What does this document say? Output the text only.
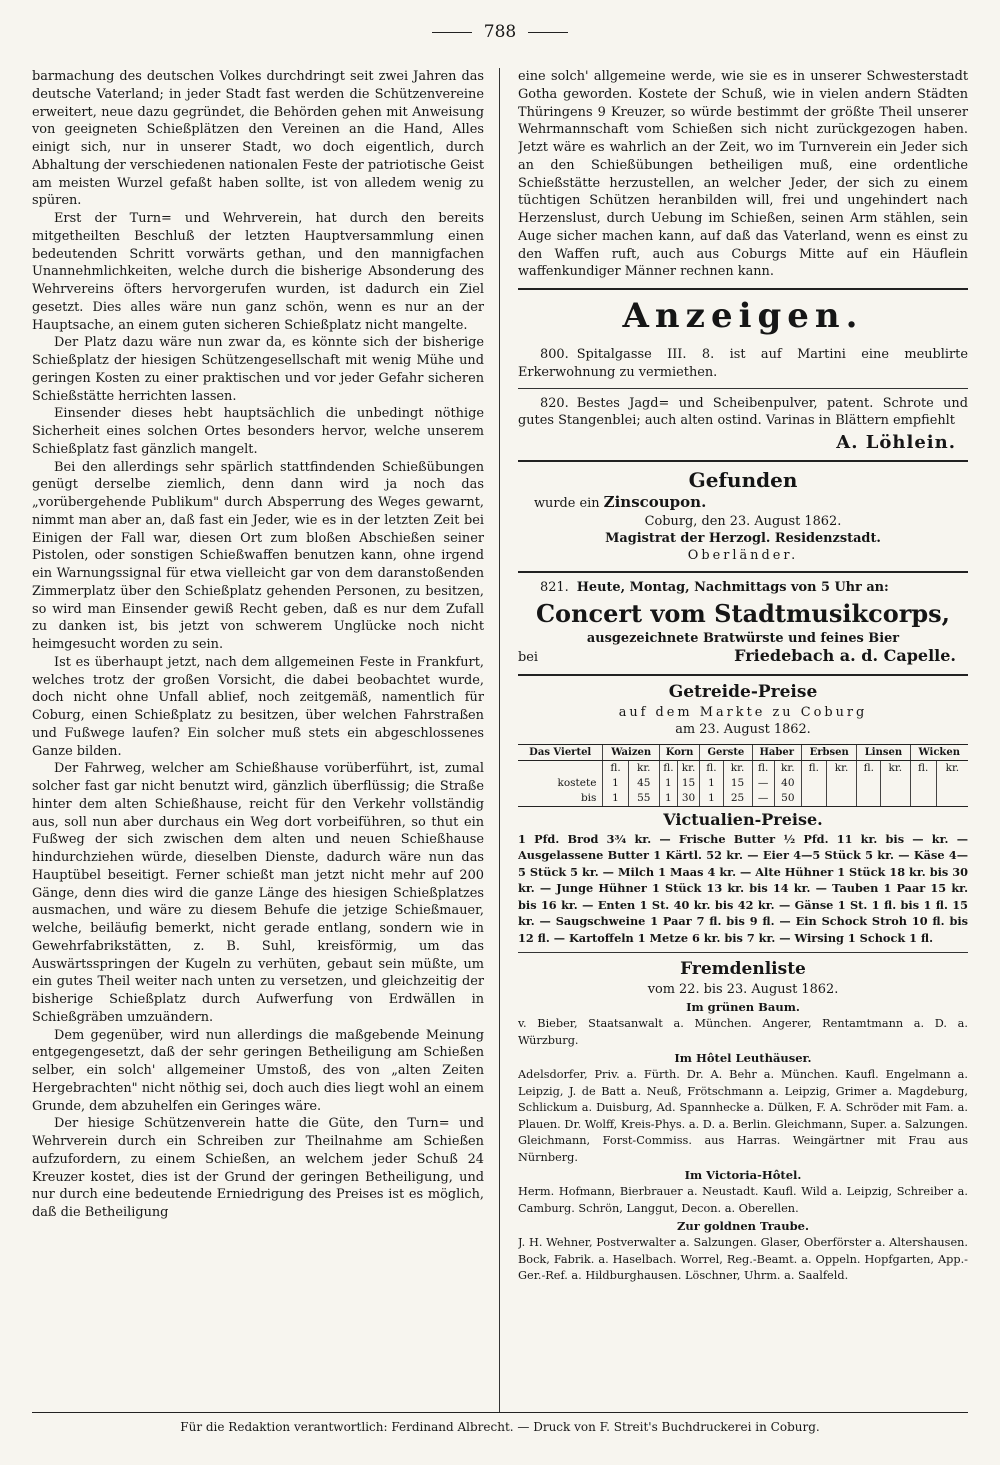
788

barmachung des deutschen Volkes durchdringt seit zwei Jahren das deutsche Vaterland; in jeder Stadt fast werden die Schützenvereine erweitert, neue dazu gegründet, die Behörden gehen mit Anweisung von geeigneten Schießplätzen den Vereinen an die Hand, Alles einigt sich, nur in unserer Stadt, wo doch eigentlich, durch Abhaltung der verschiedenen nationalen Feste der patriotische Geist am meisten Wurzel gefaßt haben sollte, ist von alledem wenig zu spüren.

Erst der Turn= und Wehrverein, hat durch den bereits mitgetheilten Beschluß der letzten Hauptversammlung einen bedeutenden Schritt vorwärts gethan, und den mannigfachen Unannehmlichkeiten, welche durch die bisherige Absonderung des Wehrvereins öfters hervorgerufen wurden, ist dadurch ein Ziel gesetzt. Dies alles wäre nun ganz schön, wenn es nur an der Hauptsache, an einem guten sicheren Schießplatz nicht mangelte.

Der Platz dazu wäre nun zwar da, es könnte sich der bisherige Schießplatz der hiesigen Schützengesellschaft mit wenig Mühe und geringen Kosten zu einer praktischen und vor jeder Gefahr sicheren Schießstätte herrichten lassen.

Einsender dieses hebt hauptsächlich die unbedingt nöthige Sicherheit eines solchen Ortes besonders hervor, welche unserem Schießplatz fast gänzlich mangelt.

Bei den allerdings sehr spärlich stattfindenden Schießübungen genügt derselbe ziemlich, denn dann wird ja noch das „vorübergehende Publikum" durch Absperrung des Weges gewarnt, nimmt man aber an, daß fast ein Jeder, wie es in der letzten Zeit bei Einigen der Fall war, diesen Ort zum bloßen Abschießen seiner Pistolen, oder sonstigen Schießwaffen benutzen kann, ohne irgend ein Warnungssignal für etwa vielleicht gar von dem daranstoßenden Zimmerplatz über den Schießplatz gehenden Personen, zu besitzen, so wird man Einsender gewiß Recht geben, daß es nur dem Zufall zu danken ist, bis jetzt von schwerem Unglücke noch nicht heimgesucht worden zu sein.

Ist es überhaupt jetzt, nach dem allgemeinen Feste in Frankfurt, welches trotz der großen Vorsicht, die dabei beobachtet wurde, doch nicht ohne Unfall ablief, noch zeitgemäß, namentlich für Coburg, einen Schießplatz zu besitzen, über welchen Fahrstraßen und Fußwege laufen? Ein solcher muß stets ein abgeschlossenes Ganze bilden.

Der Fahrweg, welcher am Schießhause vorüberführt, ist, zumal solcher fast gar nicht benutzt wird, gänzlich überflüssig; die Straße hinter dem alten Schießhause, reicht für den Verkehr vollständig aus, soll nun aber durchaus ein Weg dort vorbeiführen, so thut ein Fußweg der sich zwischen dem alten und neuen Schießhause hindurchziehen würde, dieselben Dienste, dadurch wäre nun das Hauptübel beseitigt. Ferner schießt man jetzt nicht mehr auf 200 Gänge, denn dies wird die ganze Länge des hiesigen Schießplatzes ausmachen, und wäre zu diesem Behufe die jetzige Schießmauer, welche, beiläufig bemerkt, nicht gerade entlang, sondern wie in Gewehrfabrikstätten, z. B. Suhl, kreisförmig, um das Auswärtsspringen der Kugeln zu verhüten, gebaut sein müßte, um ein gutes Theil weiter nach unten zu versetzen, und gleichzeitig der bisherige Schießplatz durch Aufwerfung von Erdwällen in Schießgräben umzuändern.

Dem gegenüber, wird nun allerdings die maßgebende Meinung entgegengesetzt, daß der sehr geringen Betheiligung am Schießen selber, ein solch' allgemeiner Umstoß, des von „alten Zeiten Hergebrachten" nicht nöthig sei, doch auch dies liegt wohl an einem Grunde, dem abzuhelfen ein Geringes wäre.

Der hiesige Schützenverein hatte die Güte, den Turn= und Wehrverein durch ein Schreiben zur Theilnahme am Schießen aufzufordern, zu einem Schießen, an welchem jeder Schuß 24 Kreuzer kostet, dies ist der Grund der geringen Betheiligung, und nur durch eine bedeutende Erniedrigung des Preises ist es möglich, daß die Betheiligung

eine solch' allgemeine werde, wie sie es in unserer Schwesterstadt Gotha geworden. Kostete der Schuß, wie in vielen andern Städten Thüringens 9 Kreuzer, so würde bestimmt der größte Theil unserer Wehrmannschaft vom Schießen sich nicht zurückgezogen haben. Jetzt wäre es wahrlich an der Zeit, wo im Turnverein ein Jeder sich an den Schießübungen betheiligen muß, eine ordentliche Schießstätte herzustellen, an welcher Jeder, der sich zu einem tüchtigen Schützen heranbilden will, frei und ungehindert nach Herzenslust, durch Uebung im Schießen, seinen Arm stählen, sein Auge sicher machen kann, auf daß das Vaterland, wenn es einst zu den Waffen ruft, auch aus Coburgs Mitte auf ein Häuflein waffenkundiger Männer rechnen kann.

Anzeigen.
800. Spitalgasse III. 8. ist auf Martini eine meublirte Erkerwohnung zu vermiethen.
820. Bestes Jagd= und Scheibenpulver, patent. Schrote und gutes Stangenblei; auch alten ostind. Varinas in Blättern empfiehlt
A. Löhlein.
Gefunden
wurde ein Zinscoupon.
Coburg, den 23. August 1862.
Magistrat der Herzogl. Residenzstadt.
Oberländer.
821. Heute, Montag, Nachmittags von 5 Uhr an:
Concert vom Stadtmusikcorps,
ausgezeichnete Bratwürste und feines Bier
bei	Friedebach a. d. Capelle.
Getreide-Preise
auf dem Markte zu Coburg
am 23. August 1862.
Das Viertel	Waizen		Korn		Gerste		Haber		Erbsen		Linsen		Wicken	
	fl.	kr.	fl.	kr.	fl.	kr.	fl.	kr.	fl.	kr.	fl.	kr.	fl.	kr.
kostete	1	45	1	15	1	15	—	40						
bis	1	55	1	30	1	25	—	50						
Victualien-Preise.
1 Pfd. Brod 3¾ kr. — Frische Butter ½ Pfd. 11 kr. bis — kr. — Ausgelassene Butter 1 Kärtl. 52 kr. — Eier 4—5 Stück 5 kr. — Käse 4—5 Stück 5 kr. — Milch 1 Maas 4 kr. — Alte Hühner 1 Stück 18 kr. bis 30 kr. — Junge Hühner 1 Stück 13 kr. bis 14 kr. — Tauben 1 Paar 15 kr. bis 16 kr. — Enten 1 St. 40 kr. bis 42 kr. — Gänse 1 St. 1 fl. bis 1 fl. 15 kr. — Saugschweine 1 Paar 7 fl. bis 9 fl. — Ein Schock Stroh 10 fl. bis 12 fl. — Kartoffeln 1 Metze 6 kr. bis 7 kr. — Wirsing 1 Schock 1 fl.
Fremdenliste
vom 22. bis 23. August 1862.
Im grünen Baum.
v. Bieber, Staatsanwalt a. München. Angerer, Rentamtmann a. D. a. Würzburg.
Im Hôtel Leuthäuser.
Adelsdorfer, Priv. a. Fürth. Dr. A. Behr a. München. Kaufl. Engelmann a. Leipzig, J. de Batt a. Neuß, Frötschmann a. Leipzig, Grimer a. Magdeburg, Schlickum a. Duisburg, Ad. Spannhecke a. Dülken, F. A. Schröder mit Fam. a. Plauen. Dr. Wolff, Kreis-Phys. a. D. a. Berlin. Gleichmann, Super. a. Salzungen. Gleichmann, Forst-Commiss. aus Harras. Weingärtner mit Frau aus Nürnberg.
Im Victoria-Hôtel.
Herm. Hofmann, Bierbrauer a. Neustadt. Kaufl. Wild a. Leipzig, Schreiber a. Camburg. Schrön, Langgut, Decon. a. Oberellen.
Zur goldnen Traube.
J. H. Wehner, Postverwalter a. Salzungen. Glaser, Oberförster a. Altershausen. Bock, Fabrik. a. Haselbach. Worrel, Reg.-Beamt. a. Oppeln. Hopfgarten, App.-Ger.-Ref. a. Hildburghausen. Löschner, Uhrm. a. Saalfeld.
Für die Redaktion verantwortlich: Ferdinand Albrecht. — Druck von F. Streit's Buchdruckerei in Coburg.
